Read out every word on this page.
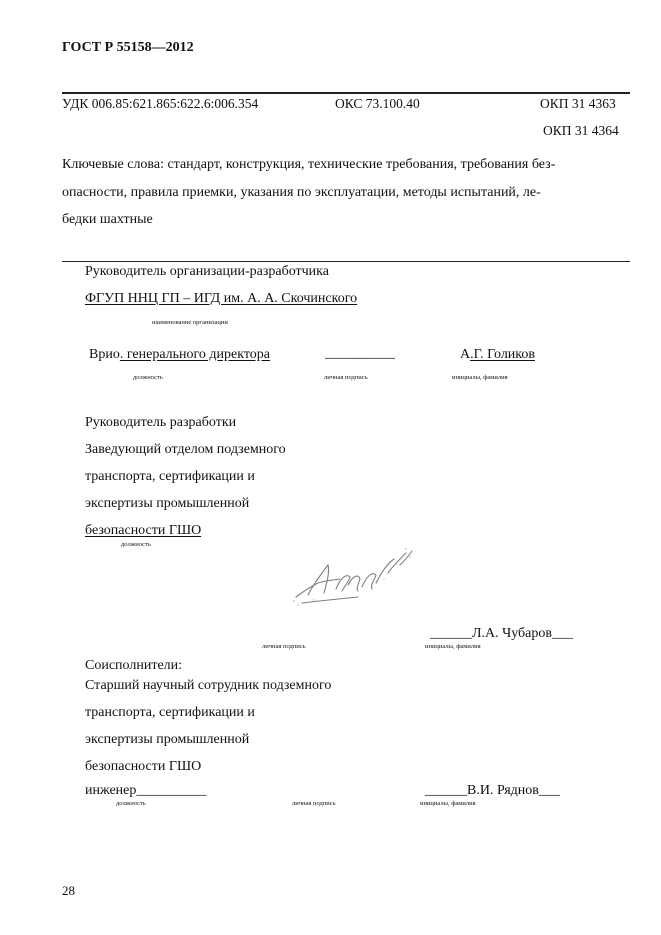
ГОСТ Р 55158—2012
УДК 006.85:621.865:622.6:006.354	ОКС 73.100.40	ОКП 31 4363
ОКП 31 4364
Ключевые слова: стандарт, конструкция, технические требования, требования без-
опасности, правила приемки, указания по эксплуатации, методы испытаний, ле-
бедки шахтные
Руководитель организации-разработчика
ФГУП ННЦ ГП – ИГД им. А. А. Скочинского
наименование организации
Врио. генерального директора	__________	А.Г. Голиков
должность	личная подпись	инициалы, фамилия
Руководитель разработки
Заведующий отделом подземного
транспорта, сертификации и
экспертизы промышленной
безопасности ГШО
должность
______Л.А. Чубаров___
личная подпись	инициалы, фамилия
Соисполнители:
Старший научный сотрудник подземного
транспорта, сертификации и
экспертизы промышленной
безопасности ГШО
инженер__________	______В.И. Ряднов___
должность	личная подпись	инициалы, фамилия
28
